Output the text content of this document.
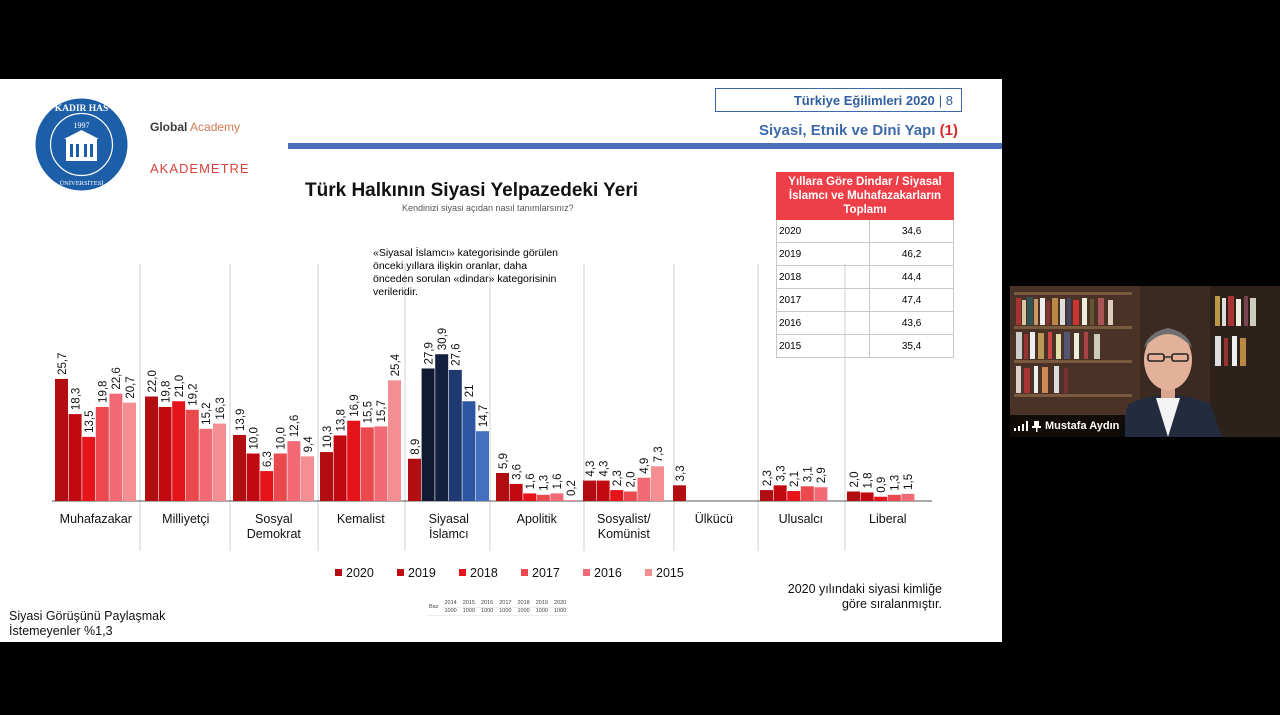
1997
KADIR HAS
ÜNİVERSİTESİ
Global Academy
AKADEMETRE
Türkiye Eğilimleri 2020 | 8
Siyasi, Etnik ve Dini Yapı (1)
Türk Halkının Siyasi Yelpazedeki Yeri
Kendinizi siyasi açıdan nasıl tanımlarsınız?
Muhafazakar
25,7
18,3
13,5
19,8
22,6 20,7
Milliyetçi
22,0 19,8 21,0 19,2
15,2 16,3
Sosyal
Demokrat
13,9
10,0
6,3
10,0
12,6
9,4
Kemalist
10,3
13,8
16,9 15,5 15,7
25,4
Siyasal
İslamcı
8,9
27,9
30,9
27,6
21
14,7
Apolitik
5,9
3,6
1,6 1,3 1,6 0,2
Sosyalist/
Komünist
4,3 4,3
2,3 2,0
4,9
7,3
Ülkücü
3,3
Ulusalcı
2,3 3,3 2,1 3,1 2,9
Liberal
2,0 1,8 0,9 1,3 1,5
2020	2019	2018	2017	2016	2015
«Siyasal İslamcı» kategorisinde görülen
önceki yıllara ilişkin oranlar, daha
önceden sorulan «dindar» kategorisinin
verileridir.
Yıllara Göre Dindar / Siyasal İslamcı ve Muhafazakarların Toplamı	
2020	34,6
2019	46,2
2018	44,4
2017	47,4
2016	43,6
2015	35,4
2020 yılındaki siyasi kimliğe
göre sıralanmıştır.
Siyasi Görüşünü Paylaşmak
İstemeyenler %1,3
Baz	2014	2015	2016	2017	2018	2019	2020
	1000	1000	1000	1000	1000	1000	1000
Mustafa Aydın
